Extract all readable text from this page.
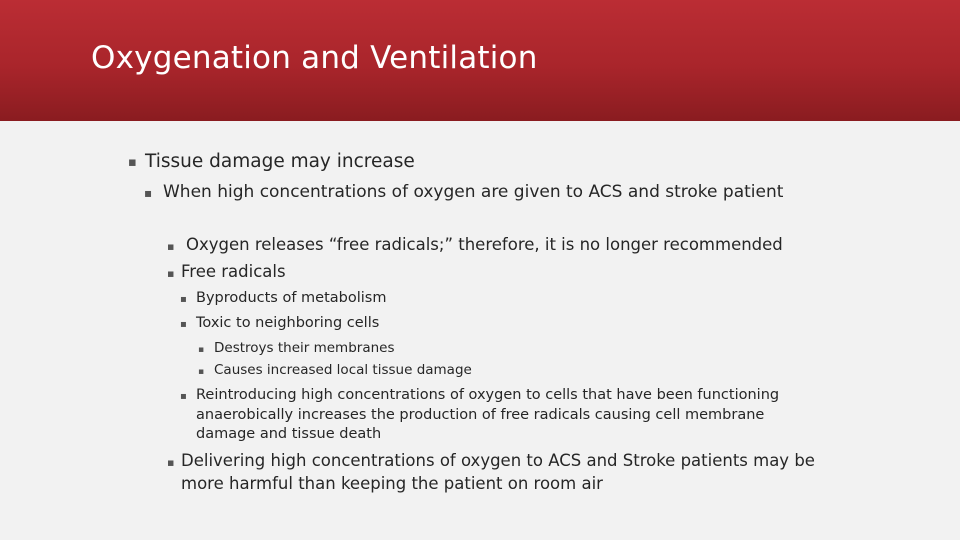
Oxygenation and Ventilation
▪ Tissue damage may increase
▪ When high concentrations of oxygen are given to ACS and stroke patient
▪ Oxygen releases “free radicals;” therefore, it is no longer recommended
▪ Free radicals
▪ Byproducts of metabolism
▪ Toxic to neighboring cells
▪ Destroys their membranes
▪ Causes increased local tissue damage
▪ Reintroducing high concentrations of oxygen to cells that have been functioning anaerobically increases the production of free radicals causing cell membrane damage and tissue death
▪ Delivering high concentrations of oxygen to ACS and Stroke patients may be more harmful than keeping the patient on room air
